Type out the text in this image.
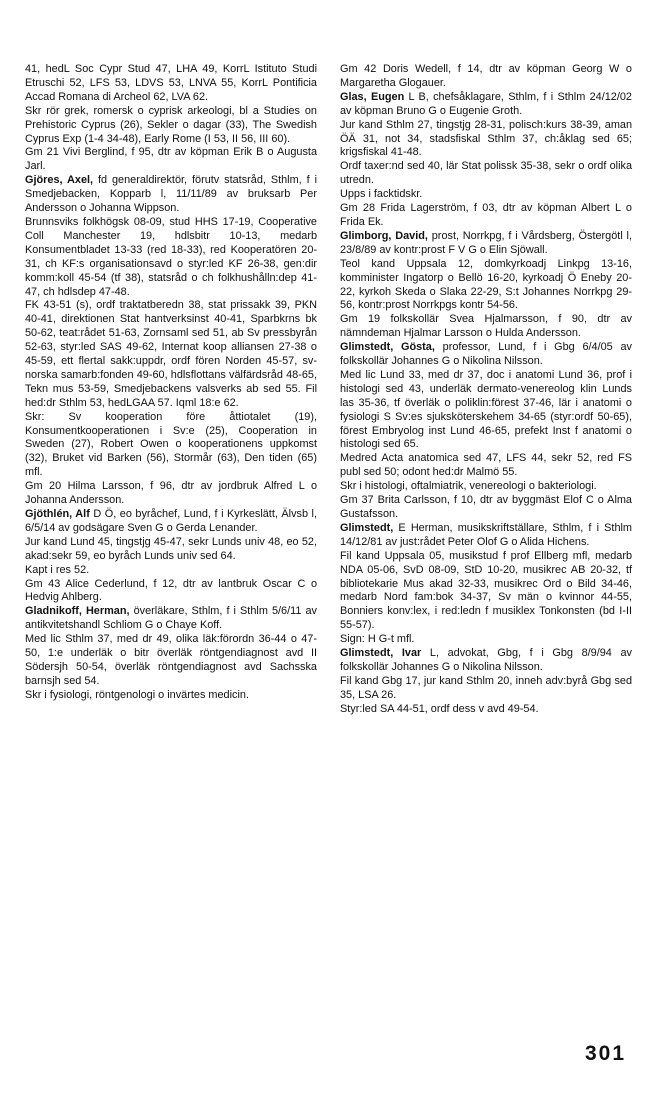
41, hedL Soc Cypr Stud 47, LHA 49, KorrL Istituto Studi Etruschi 52, LFS 53, LDVS 53, LNVA 55, KorrL Pontificia Accad Romana di Archeol 62, LVA 62.

Skr rör grek, romersk o cyprisk arkeologi, bl a Studies on Prehistoric Cyprus (26), Sekler o dagar (33), The Swedish Cyprus Exp (1-4 34-48), Early Rome (I 53, II 56, III 60).

Gm 21 Vivi Berglind, f 95, dtr av köpman Erik B o Augusta Jarl.

Gjöres, Axel, fd generaldirektör, förutv statsråd, Sthlm, f i Smedjebacken, Kopparb l, 11/11/89 av bruksarb Per Andersson o Johanna Wippson.

Brunnsviks folkhögsk 08-09, stud HHS 17-19, Cooperative Coll Manchester 19, hdlsbitr 10-13, medarb Konsumentbladet 13-33 (red 18-33), red Kooperatören 20-31, ch KF:s organisationsavd o styr:led KF 26-38, gen:dir komm:koll 45-54 (tf 38), statsråd o ch folkhushålln:dep 41-47, ch hdlsdep 47-48.

FK 43-51 (s), ordf traktatberedn 38, stat prissakk 39, PKN 40-41, direktionen Stat hantverksinst 40-41, Sparbkrns bk 50-62, teat:rådet 51-63, Zornsaml sed 51, ab Sv pressbyrån 52-63, styr:led SAS 49-62, Internat koop alliansen 27-38 o 45-59, ett flertal sakk:uppdr, ordf fören Norden 45-57, sv-norska samarb:fonden 49-60, hdlsflottans välfärdsråd 48-65, Tekn mus 53-59, Smedjebackens valsverks ab sed 55. Fil hed:dr Sthlm 53, hedLGAA 57. Iqml 18:e 62.

Skr: Sv kooperation före åttiotalet (19), Konsumentkooperationen i Sv:e (25), Cooperation in Sweden (27), Robert Owen o kooperationens uppkomst (32), Bruket vid Barken (56), Stormår (63), Den tiden (65) mfl.

Gm 20 Hilma Larsson, f 96, dtr av jordbruk Alfred L o Johanna Andersson.

Gjöthlén, Alf D Ö, eo byråchef, Lund, f i Kyrkeslätt, Älvsb l, 6/5/14 av godsägare Sven G o Gerda Lenander.

Jur kand Lund 45, tingstjg 45-47, sekr Lunds univ 48, eo 52, akad:sekr 59, eo byråch Lunds univ sed 64.

Kapt i res 52.

Gm 43 Alice Cederlund, f 12, dtr av lantbruk Oscar C o Hedvig Ahlberg.

Gladnikoff, Herman, överläkare, Sthlm, f i Sthlm 5/6/11 av antikvitetshandl Schliom G o Chaye Koff.

Med lic Sthlm 37, med dr 49, olika läk:förordn 36-44 o 47-50, 1:e underläk o bitr överläk röntgendiagnost avd II Södersjh 50-54, överläk röntgendiagnost avd Sachsska barnsjh sed 54.

Skr i fysiologi, röntgenologi o invärtes medicin.

Gm 42 Doris Wedell, f 14, dtr av köpman Georg W o Margaretha Glogauer.

Glas, Eugen L B, chefsåklagare, Sthlm, f i Sthlm 24/12/02 av köpman Bruno G o Eugenie Groth.

Jur kand Sthlm 27, tingstjg 28-31, polisch:kurs 38-39, aman ÖÄ 31, not 34, stadsfiskal Sthlm 37, ch:åklag sed 65; krigsfiskal 41-48.

Ordf taxer:nd sed 40, lär Stat polissk 35-38, sekr o ordf olika utredn.

Upps i facktidskr.

Gm 28 Frida Lagerström, f 03, dtr av köpman Albert L o Frida Ek.

Glimborg, David, prost, Norrkpg, f i Vårdsberg, Östergötl l, 23/8/89 av kontr:prost F V G o Elin Sjöwall.

Teol kand Uppsala 12, domkyrkoadj Linkpg 13-16, komminister Ingatorp o Bellö 16-20, kyrkoadj Ö Eneby 20-22, kyrkoh Skeda o Slaka 22-29, S:t Johannes Norrkpg 29-56, kontr:prost Norrkpgs kontr 54-56.

Gm 19 folkskollär Svea Hjalmarsson, f 90, dtr av nämndeman Hjalmar Larsson o Hulda Andersson.

Glimstedt, Gösta, professor, Lund, f i Gbg 6/4/05 av folkskollär Johannes G o Nikolina Nilsson.

Med lic Lund 33, med dr 37, doc i anatomi Lund 36, prof i histologi sed 43, underläk dermato-venereolog klin Lunds las 35-36, tf överläk o poliklin:förest 37-46, lär i anatomi o fysiologi S Sv:es sjuksköterskehem 34-65 (styr:ordf 50-65), förest Embryolog inst Lund 46-65, prefekt Inst f anatomi o histologi sed 65.

Medred Acta anatomica sed 47, LFS 44, sekr 52, red FS publ sed 50; odont hed:dr Malmö 55.

Skr i histologi, oftalmiatrik, venereologi o bakteriologi.

Gm 37 Brita Carlsson, f 10, dtr av byggmäst Elof C o Alma Gustafsson.

Glimstedt, E Herman, musikskriftställare, Sthlm, f i Sthlm 14/12/81 av just:rådet Peter Olof G o Alida Hichens.

Fil kand Uppsala 05, musikstud f prof Ellberg mfl, medarb NDA 05-06, SvD 08-09, StD 10-20, musikrec AB 20-32, tf bibliotekarie Mus akad 32-33, musikrec Ord o Bild 34-46, medarb Nord fam:bok 34-37, Sv män o kvinnor 44-55, Bonniers konv:lex, i red:ledn f musiklex Tonkonsten (bd I-II 55-57).

Sign: H G-t mfl.

Glimstedt, Ivar L, advokat, Gbg, f i Gbg 8/9/94 av folkskollär Johannes G o Nikolina Nilsson.

Fil kand Gbg 17, jur kand Sthlm 20, inneh adv:byrå Gbg sed 35, LSA 26.

Styr:led SA 44-51, ordf dess v avd 49-54.

301
